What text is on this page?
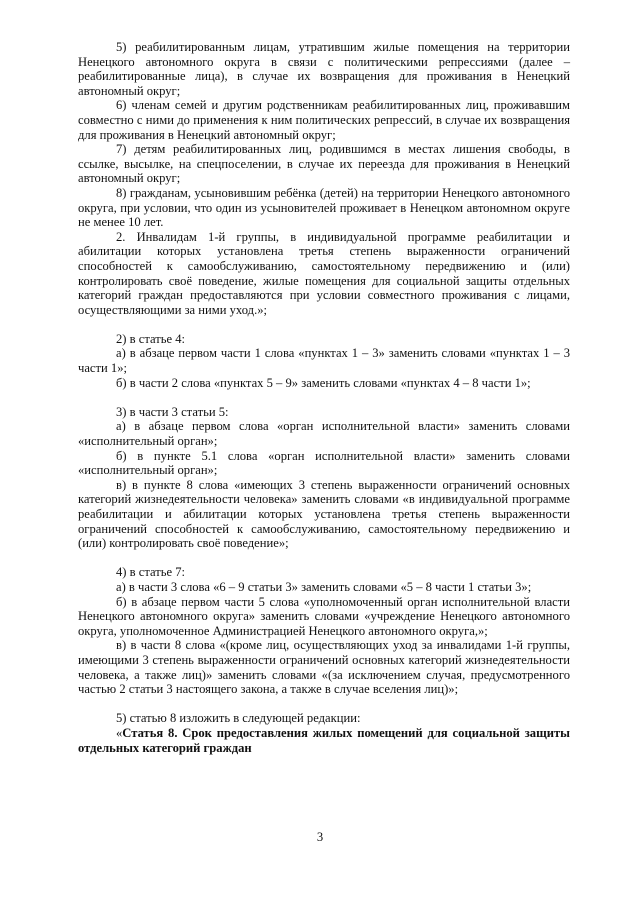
5) реабилитированным лицам, утратившим жилые помещения на территории Ненецкого автономного округа в связи с политическими репрессиями (далее – реабилитированные лица), в случае их возвращения для проживания в Ненецкий автономный округ;

6) членам семей и другим родственникам реабилитированных лиц, проживавшим совместно с ними до применения к ним политических репрессий, в случае их возвращения для проживания в Ненецкий автономный округ;

7) детям реабилитированных лиц, родившимся в местах лишения свободы, в ссылке, высылке, на спецпоселении, в случае их переезда для проживания в Ненецкий автономный округ;

8) гражданам, усыновившим ребёнка (детей) на территории Ненецкого автономного округа, при условии, что один из усыновителей проживает в Ненецком автономном округе не менее 10 лет.

2. Инвалидам 1-й группы, в индивидуальной программе реабилитации и абилитации которых установлена третья степень выраженности ограничений способностей к самообслуживанию, самостоятельному передвижению и (или) контролировать своё поведение, жилые помещения для социальной защиты отдельных категорий граждан предоставляются при условии совместного проживания с лицами, осуществляющими за ними уход.»;

2) в статье 4:

а) в абзаце первом части 1 слова «пунктах 1 – 3» заменить словами «пунктах 1 – 3 части 1»;

б) в части 2 слова «пунктах 5 – 9» заменить словами «пунктах 4 – 8 части 1»;

3) в части 3 статьи 5:

а) в абзаце первом слова «орган исполнительной власти» заменить словами «исполнительный орган»;

б) в пункте 5.1 слова «орган исполнительной власти» заменить словами «исполнительный орган»;

в) в пункте 8 слова «имеющих 3 степень выраженности ограничений основных категорий жизнедеятельности человека» заменить словами «в индивидуальной программе реабилитации и абилитации которых установлена третья степень выраженности ограничений способностей к самообслуживанию, самостоятельному передвижению и (или) контролировать своё поведение»;

4) в статье 7:

а) в части 3 слова «6 – 9 статьи 3» заменить словами «5 – 8 части 1 статьи 3»;

б) в абзаце первом части 5 слова «уполномоченный орган исполнительной власти Ненецкого автономного округа» заменить словами «учреждение Ненецкого автономного округа, уполномоченное Администрацией Ненецкого автономного округа,»;

в) в части 8 слова «(кроме лиц, осуществляющих уход за инвалидами 1-й группы, имеющими 3 степень выраженности ограничений основных категорий жизнедеятельности человека, а также лиц)» заменить словами «(за исключением случая, предусмотренного частью 2 статьи 3 настоящего закона, а также в случае вселения лиц)»;

5) статью 8 изложить в следующей редакции:

«Статья 8. Срок предоставления жилых помещений для социальной защиты отдельных категорий граждан

3
